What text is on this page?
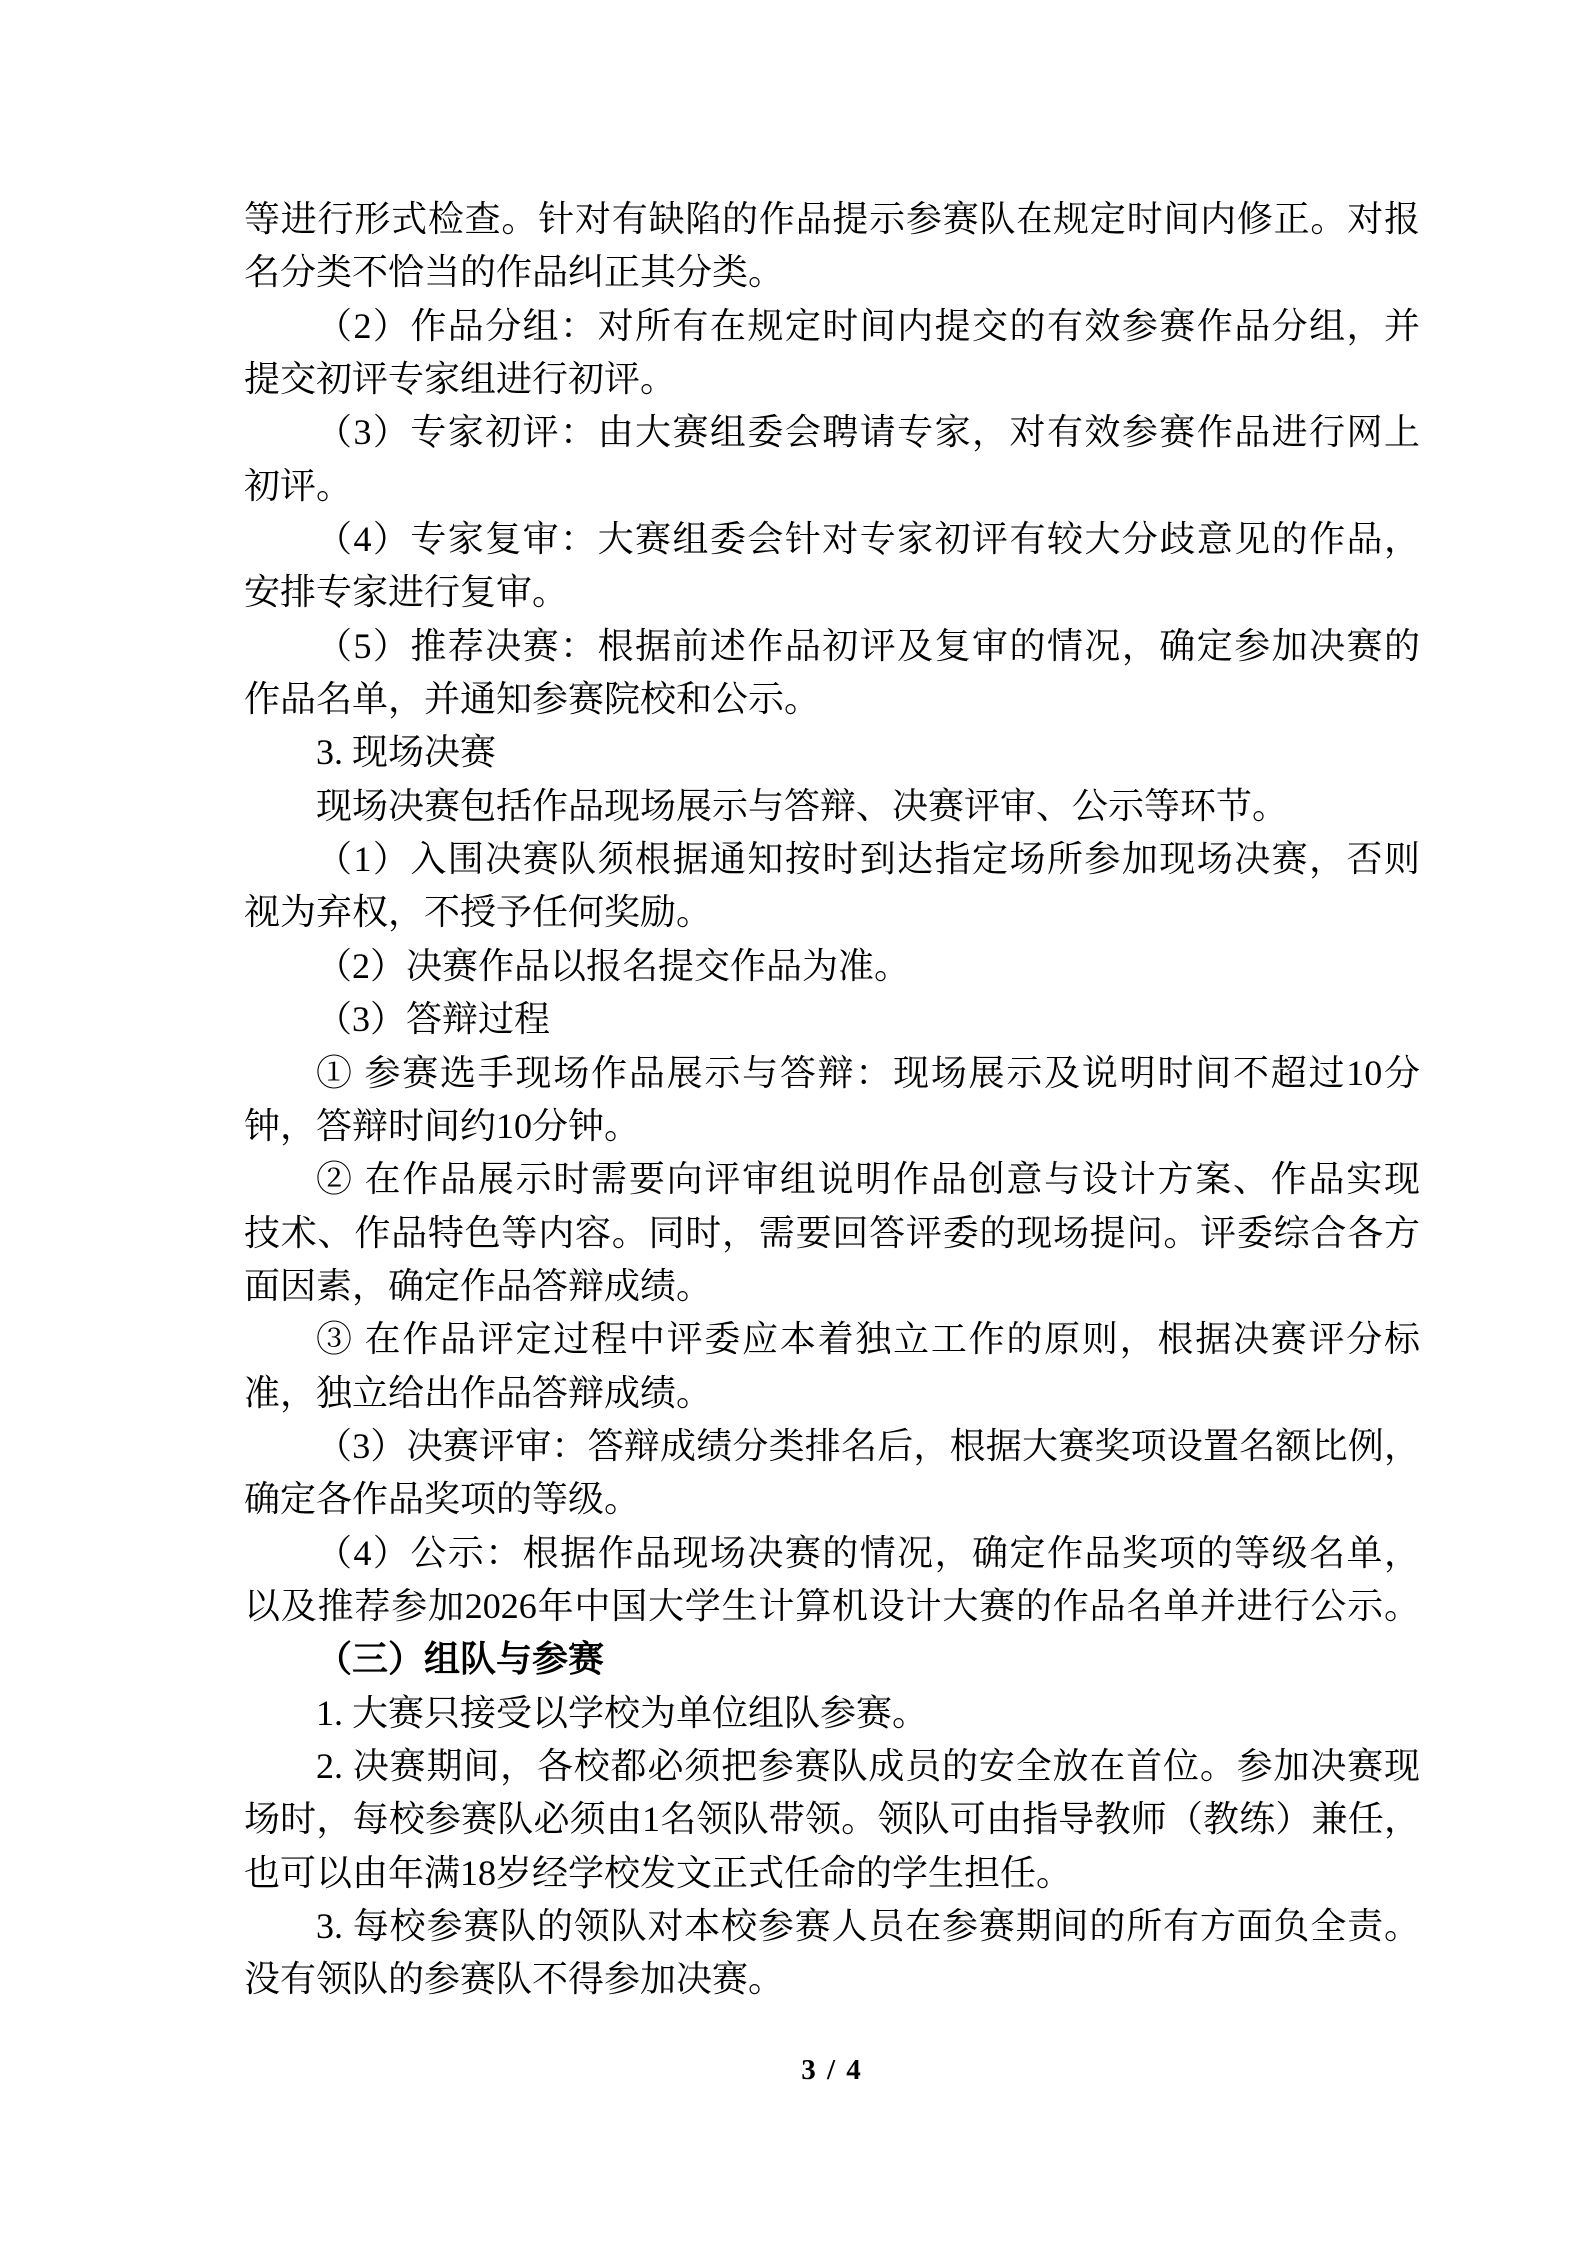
等进行形式检查。针对有缺陷的作品提示参赛队在规定时间内修正。对报
名分类不恰当的作品纠正其分类。
（2）作品分组：对所有在规定时间内提交的有效参赛作品分组，并
提交初评专家组进行初评。
（3）专家初评：由大赛组委会聘请专家，对有效参赛作品进行网上
初评。
（4）专家复审：大赛组委会针对专家初评有较大分歧意见的作品，
安排专家进行复审。
（5）推荐决赛：根据前述作品初评及复审的情况，确定参加决赛的
作品名单，并通知参赛院校和公示。
3. 现场决赛
现场决赛包括作品现场展示与答辩、决赛评审、公示等环节。
（1）入围决赛队须根据通知按时到达指定场所参加现场决赛，否则
视为弃权，不授予任何奖励。
（2）决赛作品以报名提交作品为准。
（3）答辩过程
① 参赛选手现场作品展示与答辩：现场展示及说明时间不超过10分
钟，答辩时间约10分钟。
② 在作品展示时需要向评审组说明作品创意与设计方案、作品实现
技术、作品特色等内容。同时，需要回答评委的现场提问。评委综合各方
面因素，确定作品答辩成绩。
③ 在作品评定过程中评委应本着独立工作的原则，根据决赛评分标
准，独立给出作品答辩成绩。
（3）决赛评审：答辩成绩分类排名后，根据大赛奖项设置名额比例，
确定各作品奖项的等级。
（4）公示：根据作品现场决赛的情况，确定作品奖项的等级名单，
以及推荐参加2026年中国大学生计算机设计大赛的作品名单并进行公示。
（三）组队与参赛
1. 大赛只接受以学校为单位组队参赛。
2. 决赛期间，各校都必须把参赛队成员的安全放在首位。参加决赛现
场时，每校参赛队必须由1名领队带领。领队可由指导教师（教练）兼任，
也可以由年满18岁经学校发文正式任命的学生担任。
3. 每校参赛队的领队对本校参赛人员在参赛期间的所有方面负全责。
没有领队的参赛队不得参加决赛。
3 / 4
